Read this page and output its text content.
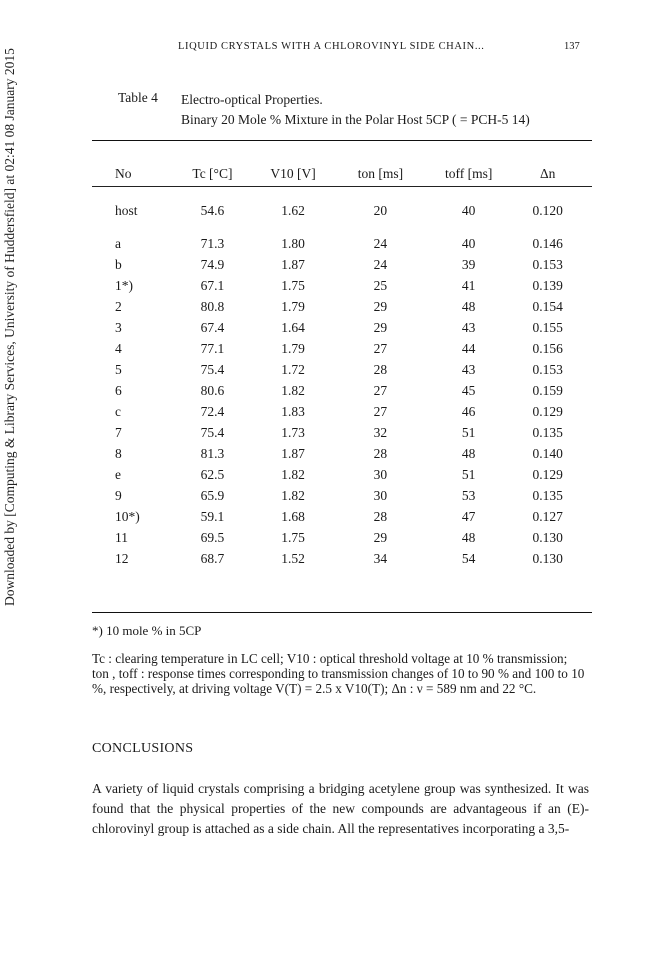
LIQUID CRYSTALS WITH A CHLOROVINYL SIDE CHAIN...	137
Downloaded by [Computing & Library Services, University of Huddersfield] at 02:41 08 January 2015	Table 4 Electro-optical Properties.
Binary 20 Mole % Mixture in the Polar Host 5CP ( = PCH-5 14)
No	Tc [°C]	V10 [V]	ton [ms]	toff [ms]	Δn

host	54.6	1.62	20	40	0.120

a	71.3	1.80	24	40	0.146
b	74.9	1.87	24	39	0.153
1*)	67.1	1.75	25	41	0.139
2	80.8	1.79	29	48	0.154
3	67.4	1.64	29	43	0.155
4	77.1	1.79	27	44	0.156
5	75.4	1.72	28	43	0.153
6	80.6	1.82	27	45	0.159
c	72.4	1.83	27	46	0.129
7	75.4	1.73	32	51	0.135
8	81.3	1.87	28	48	0.140
e	62.5	1.82	30	51	0.129
9	65.9	1.82	30	53	0.135
10*)	59.1	1.68	28	47	0.127
11	69.5	1.75	29	48	0.130
12	68.7	1.52	34	54	0.130
*) 10 mole % in 5CP
Tc : clearing temperature in LC cell; V10 : optical threshold voltage at 10 % transmission; ton , toff : response times corresponding to transmission changes of 10 to 90 % and 100 to 10 %, respectively, at driving voltage V(T) = 2.5 x V10(T); Δn : ν = 589 nm and 22 °C.
CONCLUSIONS
A variety of liquid crystals comprising a bridging acetylene group was synthesized. It was found that the physical properties of the new compounds are advantageous if an (E)-chlorovinyl group is attached as a side chain. All the representatives incorporating a 3,5-
